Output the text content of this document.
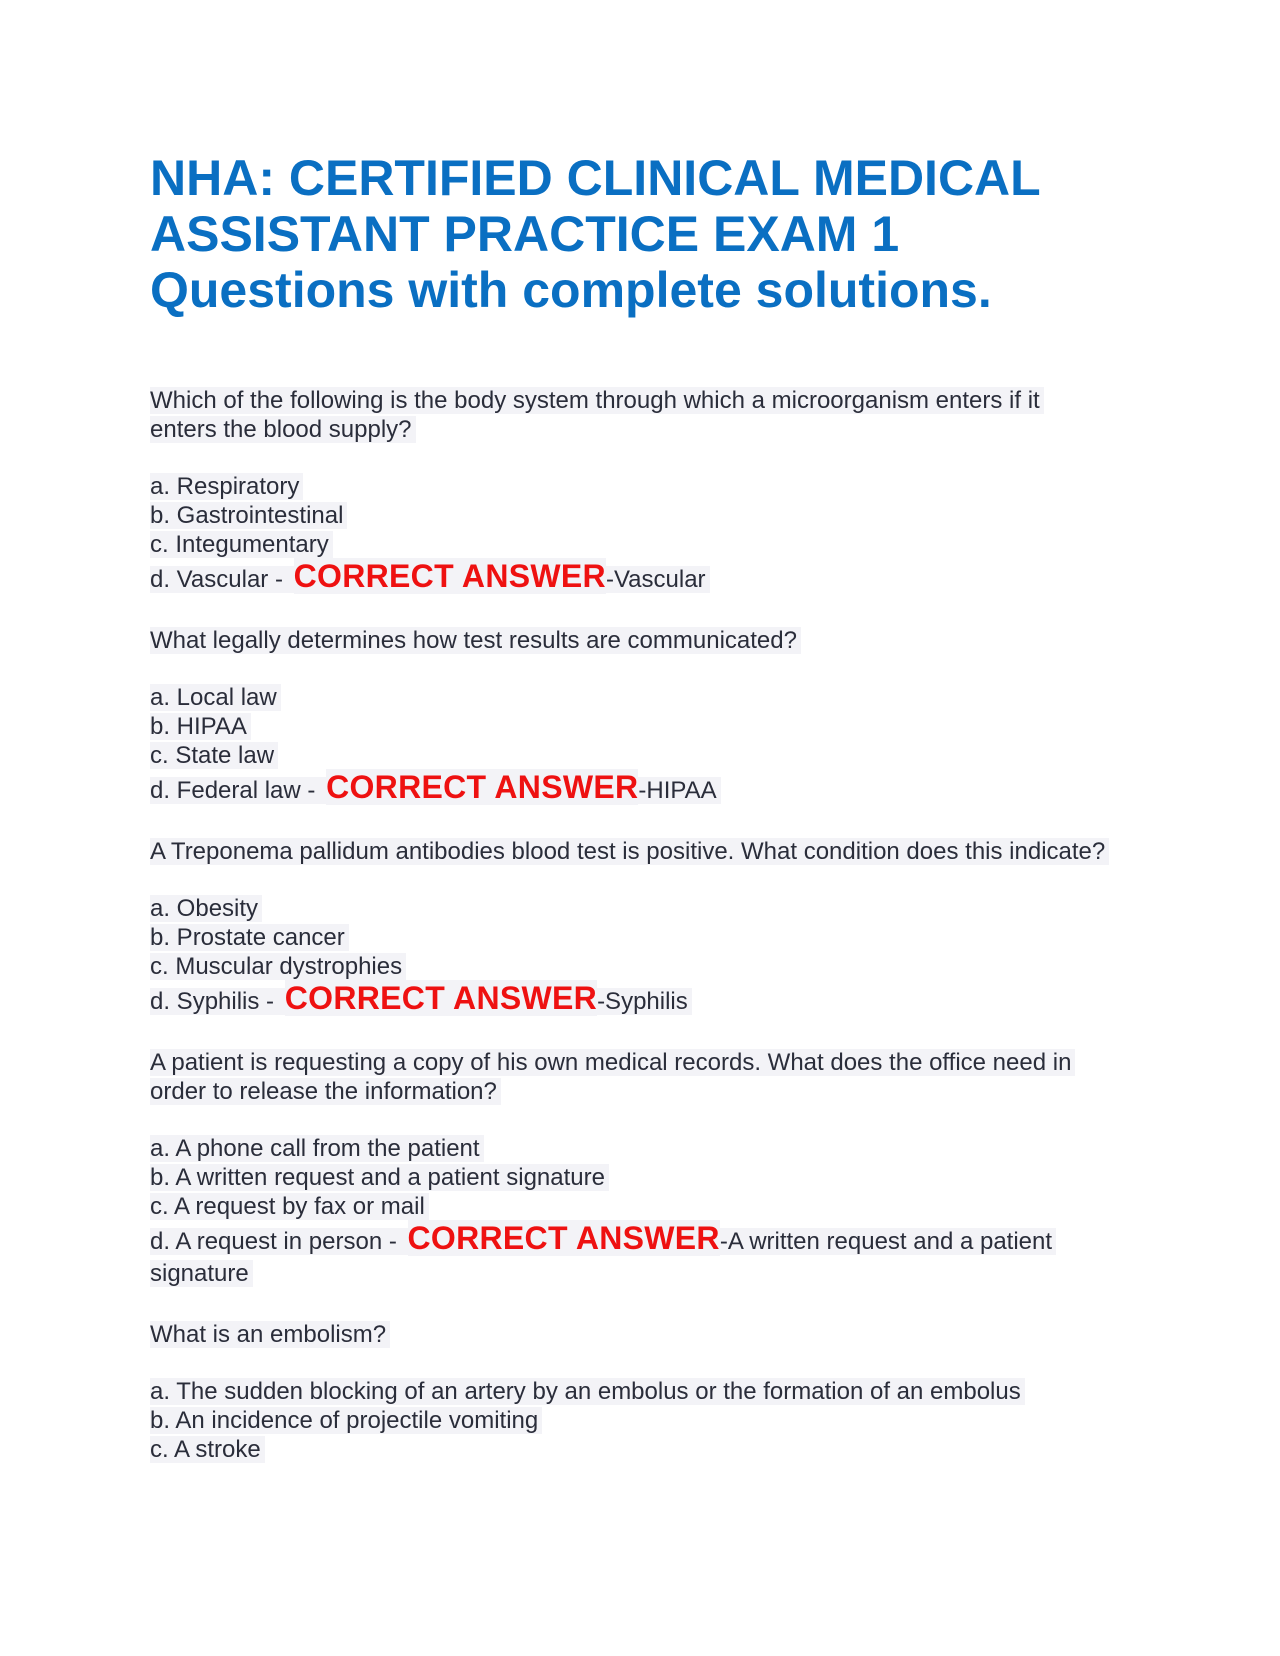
NHA: CERTIFIED CLINICAL MEDICAL
ASSISTANT PRACTICE EXAM 1
Questions with complete solutions.

Which of the following is the body system through which a microorganism enters if it enters the blood supply?

a. Respiratory
b. Gastrointestinal
c. Integumentary
d. Vascular - CORRECT ANSWER-Vascular

What legally determines how test results are communicated?

a. Local law
b. HIPAA
c. State law
d. Federal law - CORRECT ANSWER-HIPAA

A Treponema pallidum antibodies blood test is positive. What condition does this indicate?

a. Obesity
b. Prostate cancer
c. Muscular dystrophies
d. Syphilis - CORRECT ANSWER-Syphilis

A patient is requesting a copy of his own medical records. What does the office need in order to release the information?

a. A phone call from the patient
b. A written request and a patient signature
c. A request by fax or mail
d. A request in person - CORRECT ANSWER-A written request and a patient signature

What is an embolism?

a. The sudden blocking of an artery by an embolus or the formation of an embolus
b. An incidence of projectile vomiting
c. A stroke
